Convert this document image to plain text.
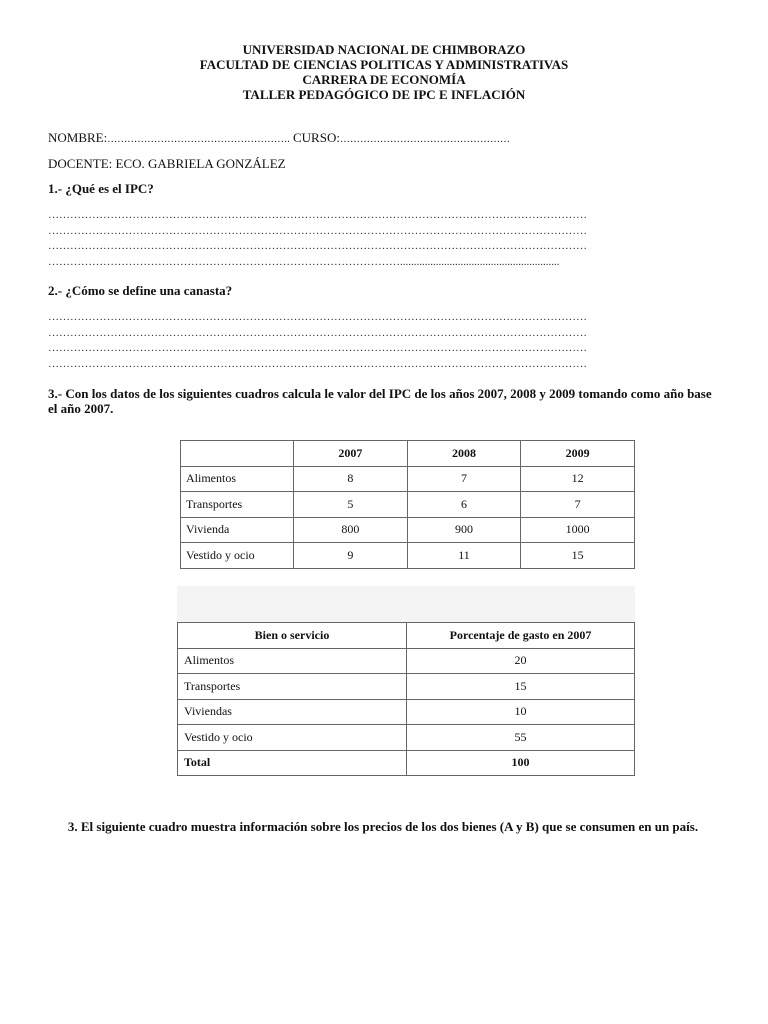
UNIVERSIDAD NACIONAL DE CHIMBORAZO
FACULTAD DE CIENCIAS POLITICAS Y ADMINISTRATIVAS
CARRERA DE ECONOMÍA
TALLER PEDAGÓGICO DE IPC E INFLACIÓN
NOMBRE:………………………………………………. CURSO:……………………………………………
DOCENTE: ECO. GABRIELA GONZÁLEZ
1.- ¿Qué es el IPC?
…………………………………………………………………………………………………………………………………
…………………………………………………………………………………………………………………………………
…………………………………………………………………………………………………………………………………
……………………………………………………………………………………..........................................................
2.- ¿Cómo se define una canasta?
…………………………………………………………………………………………………………………………………
…………………………………………………………………………………………………………………………………
…………………………………………………………………………………………………………………………………
…………………………………………………………………………………………………………………………………
3.- Con los datos de los siguientes cuadros calcula le valor del IPC de los años 2007, 2008 y 2009 tomando como año base el año 2007.
	2007	2008	2009
Alimentos	8	7	12
Transportes	5	6	7
Vivienda	800	900	1000
Vestido y ocio	9	11	15
Bien o servicio	Porcentaje de gasto en 2007
Alimentos	20
Transportes	15
Viviendas	10
Vestido y ocio	55
Total	100
3. El siguiente cuadro muestra información sobre los precios de los dos bienes (A y B) que se consumen en un país.
